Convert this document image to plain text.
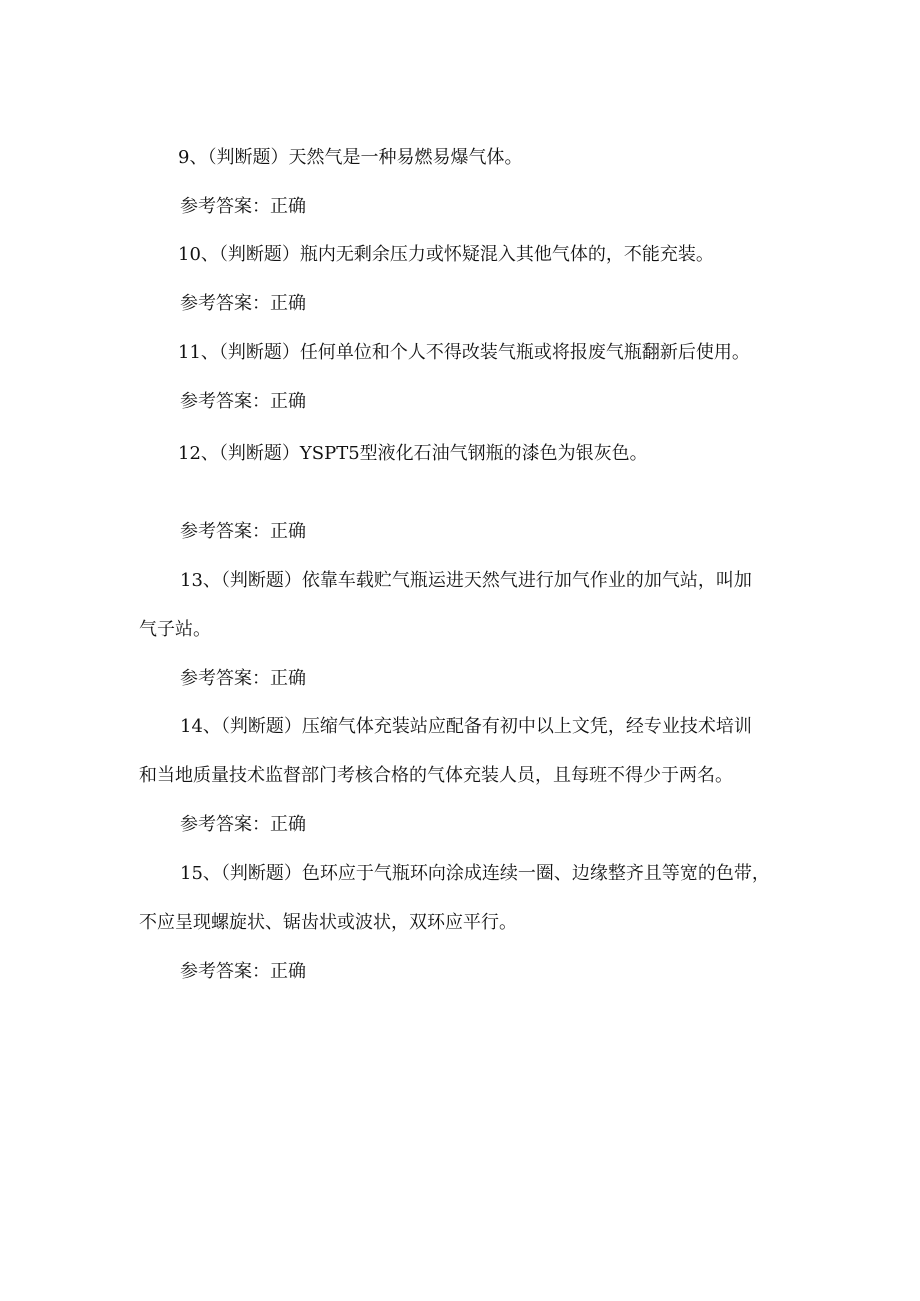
9、（判断题）天然气是一种易燃易爆气体。
参考答案：正确
10、（判断题）瓶内无剩余压力或怀疑混入其他气体的，不能充装。
参考答案：正确
11、（判断题）任何单位和个人不得改装气瓶或将报废气瓶翻新后使用。
参考答案：正确
12、（判断题）YSPT5型液化石油气钢瓶的漆色为银灰色。
参考答案：正确
13、（判断题）依靠车载贮气瓶运进天然气进行加气作业的加气站，叫加
气子站。
参考答案：正确
14、（判断题）压缩气体充装站应配备有初中以上文凭，经专业技术培训
和当地质量技术监督部门考核合格的气体充装人员，且每班不得少于两名。
参考答案：正确
15、（判断题）色环应于气瓶环向涂成连续一圈、边缘整齐且等宽的色带，
不应呈现螺旋状、锯齿状或波状，双环应平行。
参考答案：正确
